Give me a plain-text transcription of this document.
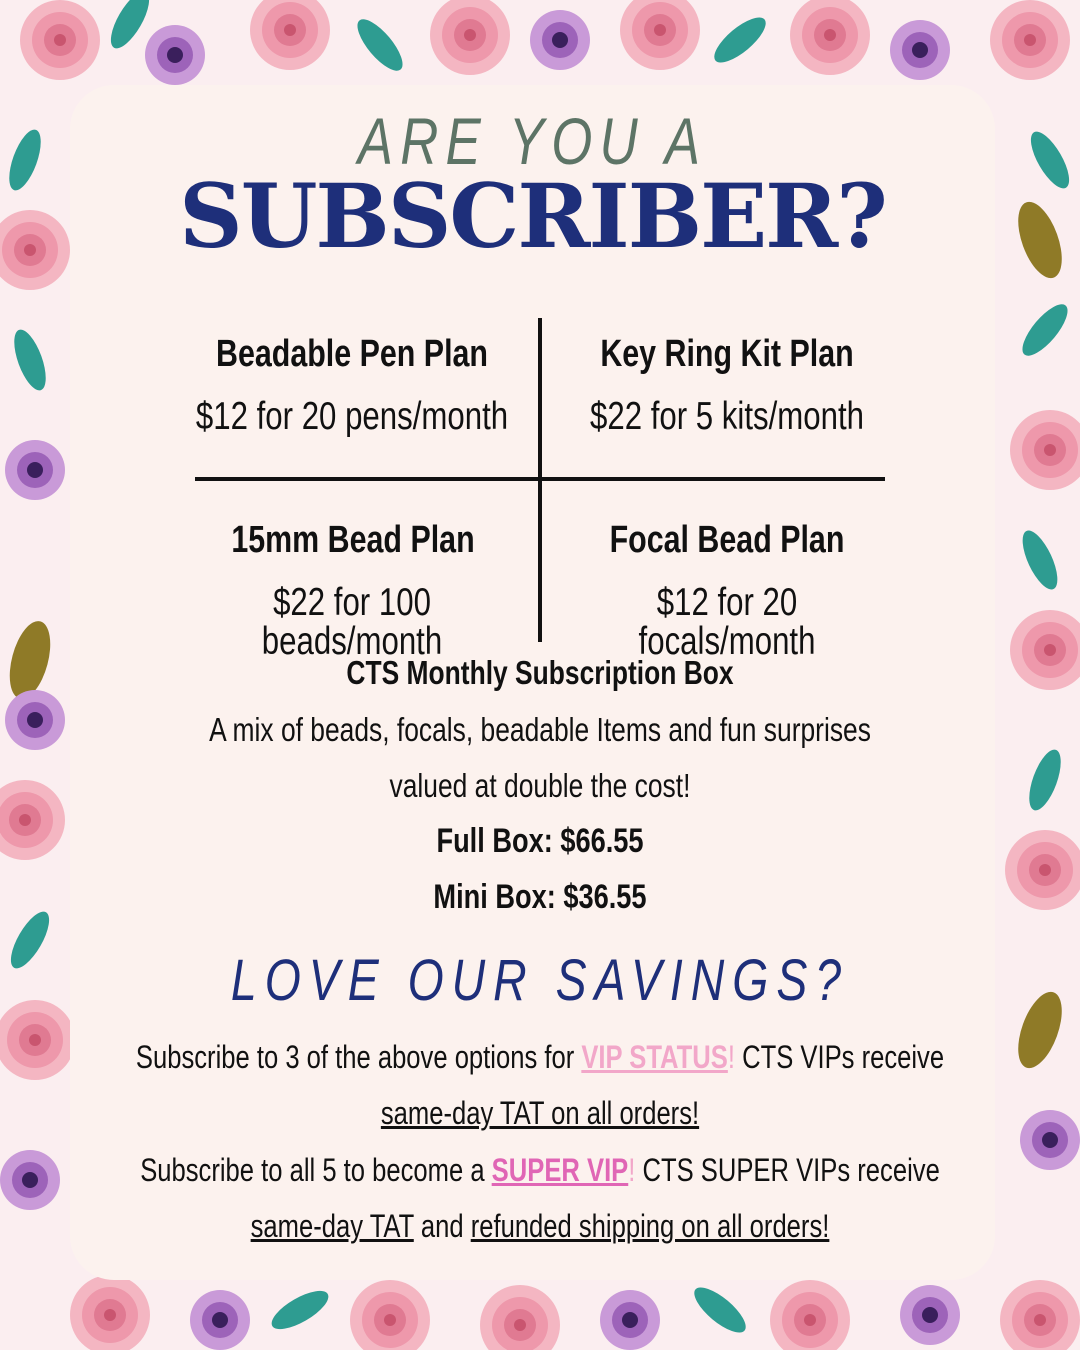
ARE YOU A
SUBSCRIBER?
Beadable Pen Plan
$12 for 20 pens/month
Key Ring Kit Plan
$22 for 5 kits/month
15mm Bead Plan
$22 for 100 beads/month
Focal Bead Plan
$12 for 20 focals/month
CTS Monthly Subscription Box
A mix of beads, focals, beadable Items and fun surprises
valued at double the cost!
Full Box: $66.55
Mini Box: $36.55
LOVE OUR SAVINGS?
Subscribe to 3 of the above options for VIP STATUS! CTS VIPs receive
same-day TAT on all orders!
Subscribe to all 5 to become a SUPER VIP! CTS SUPER VIPs receive
same-day TAT and refunded shipping on all orders!
